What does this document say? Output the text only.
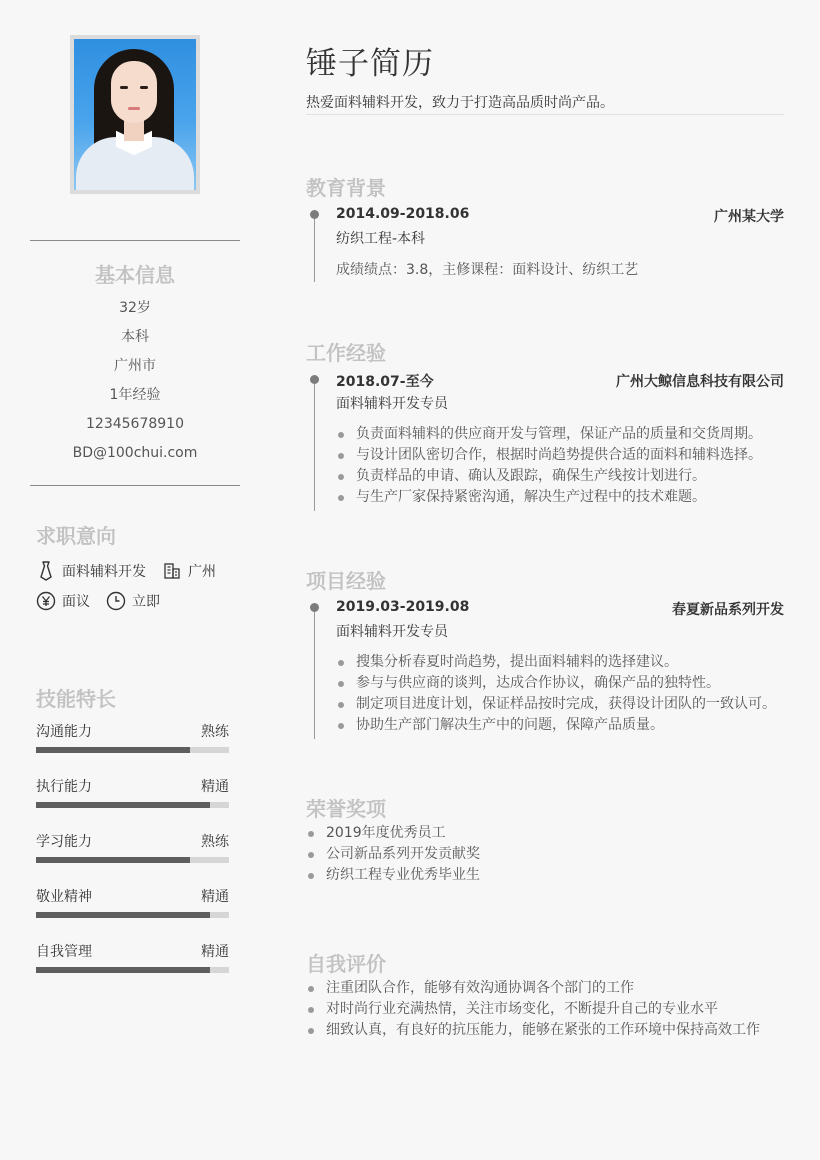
基本信息
32岁
本科
广州市
1年经验
12345678910
BD@100chui.com
求职意向
面料辅料开发	广州
面议	立即
技能特长
沟通能力	熟练
执行能力	精通
学习能力	熟练
敬业精神	精通
自我管理	精通
锤子简历
热爱面料辅料开发，致力于打造高品质时尚产品。
教育背景
2014.09-2018.06	广州某大学
纺织工程-本科
成绩绩点：3.8，主修课程：面料设计、纺织工艺
工作经验
2018.07-至今	广州大鲸信息科技有限公司
面料辅料开发专员
负责面料辅料的供应商开发与管理，保证产品的质量和交货周期。
与设计团队密切合作，根据时尚趋势提供合适的面料和辅料选择。
负责样品的申请、确认及跟踪，确保生产线按计划进行。
与生产厂家保持紧密沟通，解决生产过程中的技术难题。
项目经验
2019.03-2019.08	春夏新品系列开发
面料辅料开发专员
搜集分析春夏时尚趋势，提出面料辅料的选择建议。
参与与供应商的谈判，达成合作协议，确保产品的独特性。
制定项目进度计划，保证样品按时完成，获得设计团队的一致认可。
协助生产部门解决生产中的问题，保障产品质量。
荣誉奖项
2019年度优秀员工
公司新品系列开发贡献奖
纺织工程专业优秀毕业生
自我评价
注重团队合作，能够有效沟通协调各个部门的工作
对时尚行业充满热情，关注市场变化，不断提升自己的专业水平
细致认真，有良好的抗压能力，能够在紧张的工作环境中保持高效工作
